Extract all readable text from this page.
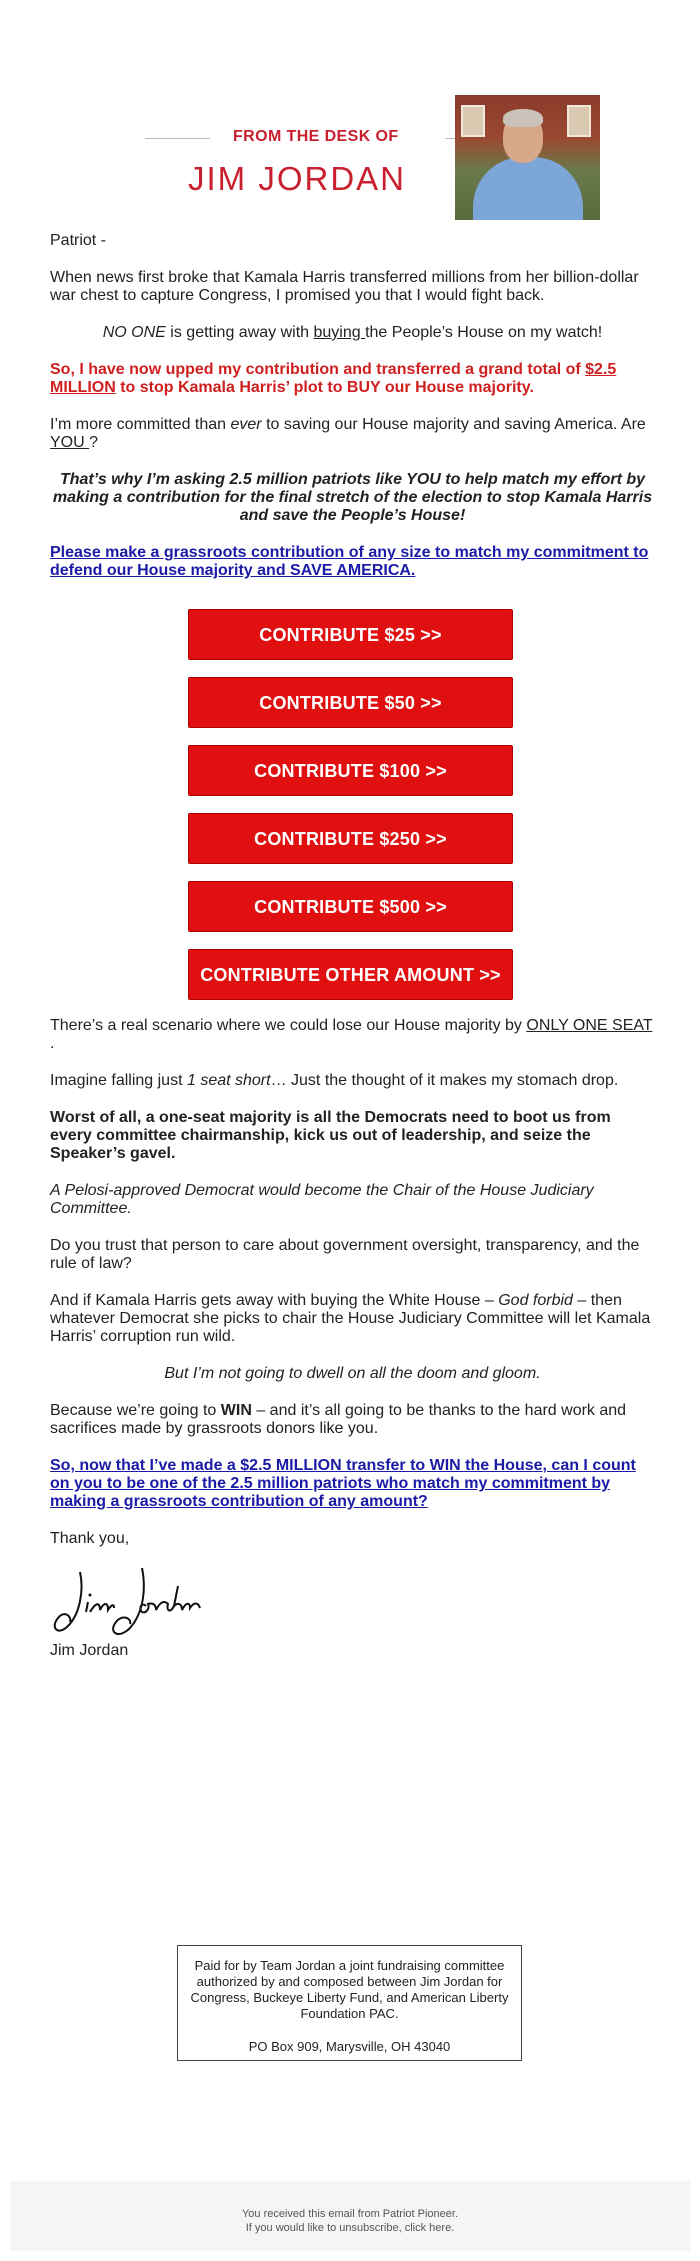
FROM THE DESK OF
JIM JORDAN

Patriot -

When news first broke that Kamala Harris transferred millions from her billion-dollar war chest to capture Congress, I promised you that I would fight back.

NO ONE is getting away with buying the People’s House on my watch!

So, I have now upped my contribution and transferred a grand total of $2.5 MILLION to stop Kamala Harris’ plot to BUY our House majority.

I’m more committed than ever to saving our House majority and saving America. Are YOU ?

That’s why I’m asking 2.5 million patriots like YOU to help match my effort by making a contribution for the final stretch of the election to stop Kamala Harris and save the People’s House!

Please make a grassroots contribution of any size to match my commitment to defend our House majority and SAVE AMERICA.

CONTRIBUTE $25 >>
CONTRIBUTE $50 >>
CONTRIBUTE $100 >>
CONTRIBUTE $250 >>
CONTRIBUTE $500 >>
CONTRIBUTE OTHER AMOUNT >>

There’s a real scenario where we could lose our House majority by ONLY ONE SEAT .

Imagine falling just 1 seat short… Just the thought of it makes my stomach drop.

Worst of all, a one-seat majority is all the Democrats need to boot us from every committee chairmanship, kick us out of leadership, and seize the Speaker’s gavel.

A Pelosi-approved Democrat would become the Chair of the House Judiciary Committee.

Do you trust that person to care about government oversight, transparency, and the rule of law?

And if Kamala Harris gets away with buying the White House – God forbid – then whatever Democrat she picks to chair the House Judiciary Committee will let Kamala Harris’ corruption run wild.

But I’m not going to dwell on all the doom and gloom.

Because we’re going to WIN – and it’s all going to be thanks to the hard work and sacrifices made by grassroots donors like you.

So, now that I’ve made a $2.5 MILLION transfer to WIN the House, can I count on you to be one of the 2.5 million patriots who match my commitment by making a grassroots contribution of any amount?

Thank you,

Jim Jordan

Paid for by Team Jordan a joint fundraising committee authorized by and composed between Jim Jordan for Congress, Buckeye Liberty Fund, and American Liberty Foundation PAC.

PO Box 909, Marysville, OH 43040

You received this email from Patriot Pioneer.
If you would like to unsubscribe, click here.
